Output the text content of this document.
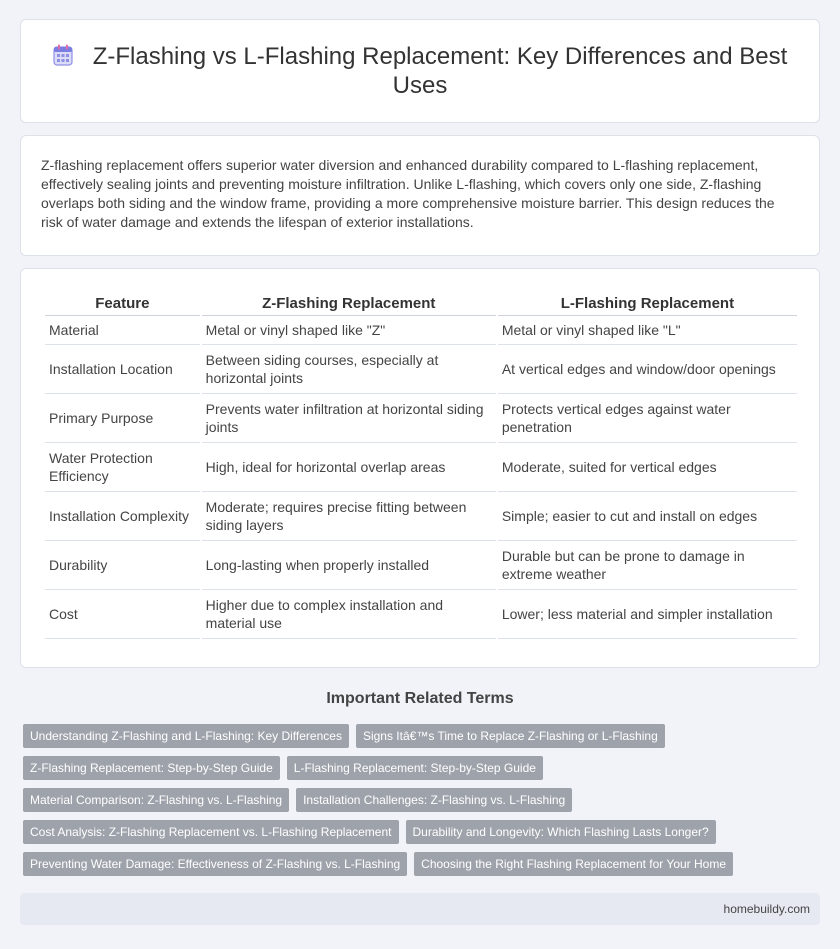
Z-Flashing vs L-Flashing Replacement: Key Differences and Best Uses

Z-flashing replacement offers superior water diversion and enhanced durability compared to L-flashing replacement, effectively sealing joints and preventing moisture infiltration. Unlike L-flashing, which covers only one side, Z-flashing overlaps both siding and the window frame, providing a more comprehensive moisture barrier. This design reduces the risk of water damage and extends the lifespan of exterior installations.

Feature	Z-Flashing Replacement	L-Flashing Replacement
Material	Metal or vinyl shaped like "Z"	Metal or vinyl shaped like "L"
Installation Location	Between siding courses, especially at horizontal joints	At vertical edges and window/door openings
Primary Purpose	Prevents water infiltration at horizontal siding joints	Protects vertical edges against water penetration
Water Protection Efficiency	High, ideal for horizontal overlap areas	Moderate, suited for vertical edges
Installation Complexity	Moderate; requires precise fitting between siding layers	Simple; easier to cut and install on edges
Durability	Long-lasting when properly installed	Durable but can be prone to damage in extreme weather
Cost	Higher due to complex installation and material use	Lower; less material and simpler installation
Important Related Terms
Understanding Z-Flashing and L-Flashing: Key Differences	Signs Itâ€™s Time to Replace Z-Flashing or L-Flashing
Z-Flashing Replacement: Step-by-Step Guide	L-Flashing Replacement: Step-by-Step Guide
Material Comparison: Z-Flashing vs. L-Flashing	Installation Challenges: Z-Flashing vs. L-Flashing
Cost Analysis: Z-Flashing Replacement vs. L-Flashing Replacement	Durability and Longevity: Which Flashing Lasts Longer?
Preventing Water Damage: Effectiveness of Z-Flashing vs. L-Flashing	Choosing the Right Flashing Replacement for Your Home
homebuildy.com
